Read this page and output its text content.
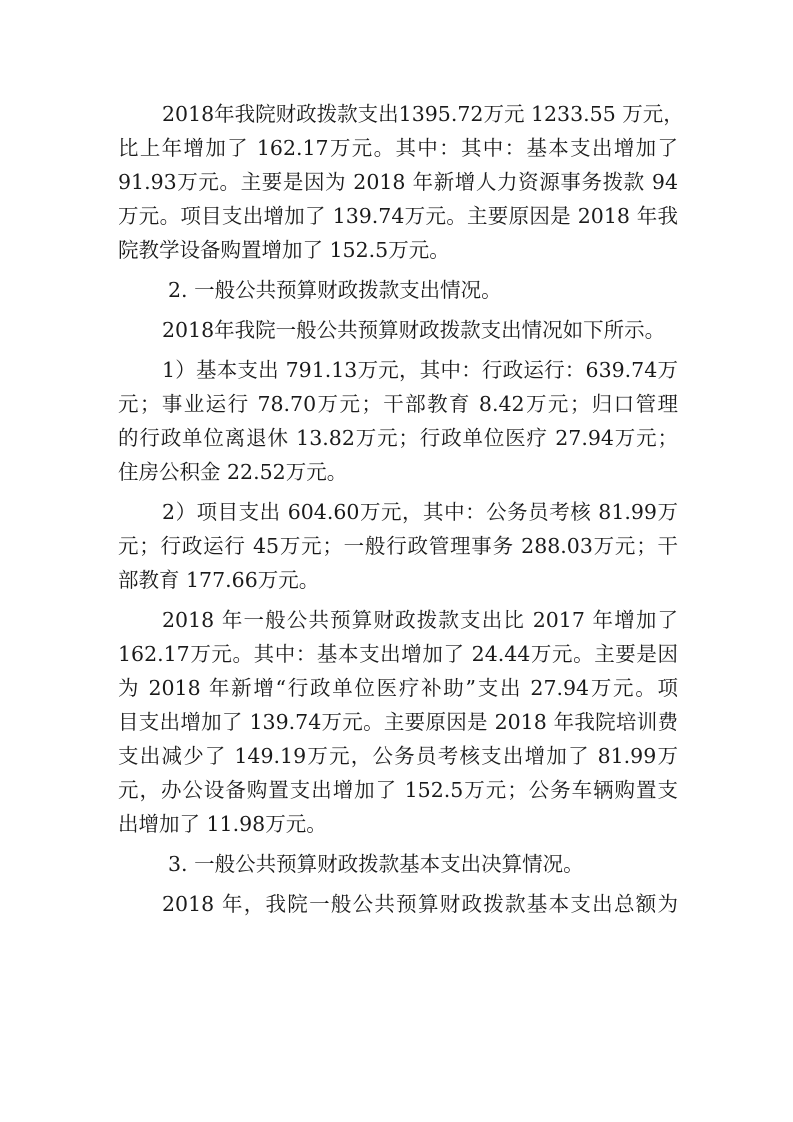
2018年我院财政拨款支出1395.72万元 1233.55 万元，
比上年增加了 162.17万元。其中：其中：基本支出增加了
91.93万元。主要是因为 2018 年新增人力资源事务拨款 94
万元。项目支出增加了 139.74万元。主要原因是 2018 年我
院教学设备购置增加了 152.5万元。
2. 一般公共预算财政拨款支出情况。
2018年我院一般公共预算财政拨款支出情况如下所示。
1）基本支出 791.13万元，其中：行政运行：639.74万
元；事业运行 78.70万元；干部教育 8.42万元；归口管理
的行政单位离退休 13.82万元；行政单位医疗 27.94万元；
住房公积金 22.52万元。
2）项目支出 604.60万元，其中：公务员考核 81.99万
元；行政运行 45万元；一般行政管理事务 288.03万元；干
部教育 177.66万元。
2018 年一般公共预算财政拨款支出比 2017 年增加了
162.17万元。其中：基本支出增加了 24.44万元。主要是因
为 2018 年新增“行政单位医疗补助”支出 27.94万元。项
目支出增加了 139.74万元。主要原因是 2018 年我院培训费
支出减少了 149.19万元，公务员考核支出增加了 81.99万
元，办公设备购置支出增加了 152.5万元；公务车辆购置支
出增加了 11.98万元。
3. 一般公共预算财政拨款基本支出决算情况。
2018 年，我院一般公共预算财政拨款基本支出总额为
